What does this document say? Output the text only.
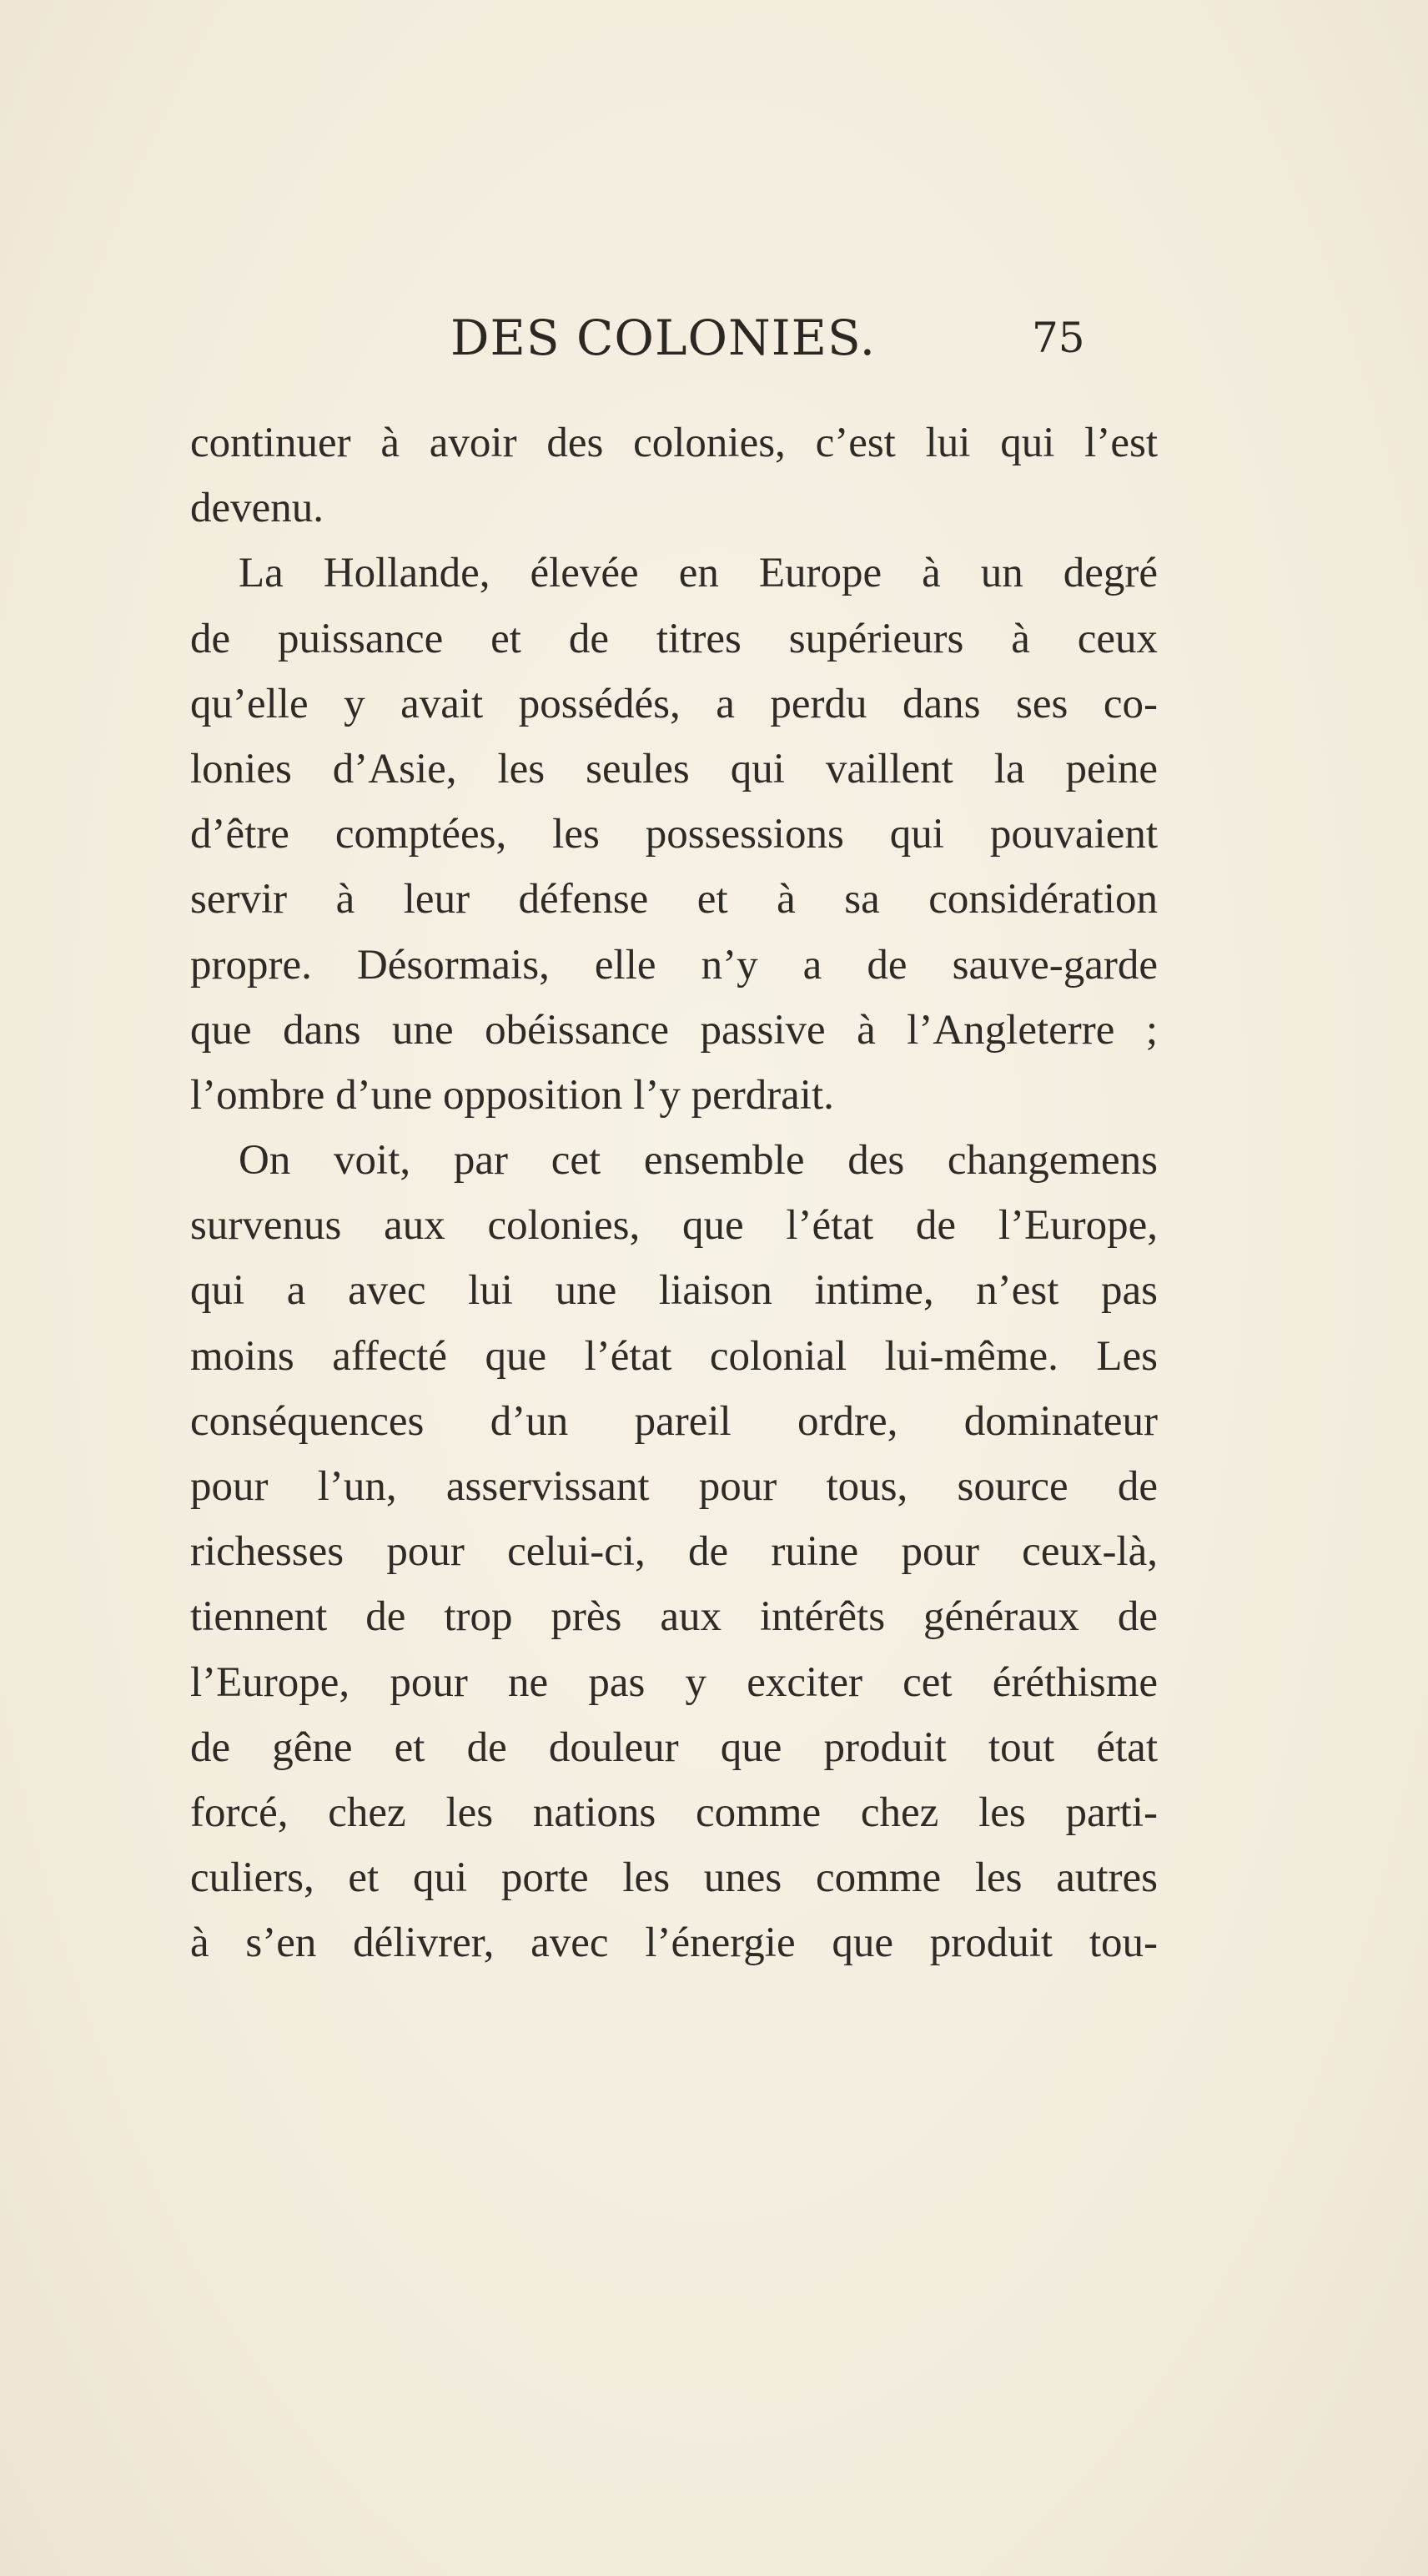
DES COLONIES.	75
continuer à avoir des colonies, c’est lui qui l’est
devenu.
La Hollande, élevée en Europe à un degré
de puissance et de titres supérieurs à ceux
qu’elle y avait possédés, a perdu dans ses co-
lonies d’Asie, les seules qui vaillent la peine
d’être comptées, les possessions qui pouvaient
servir à leur défense et à sa considération
propre. Désormais, elle n’y a de sauve-garde
que dans une obéissance passive à l’Angleterre ;
l’ombre d’une opposition l’y perdrait.
On voit, par cet ensemble des changemens
survenus aux colonies, que l’état de l’Europe,
qui a avec lui une liaison intime, n’est pas
moins affecté que l’état colonial lui-même. Les
conséquences d’un pareil ordre, dominateur
pour l’un, asservissant pour tous, source de
richesses pour celui-ci, de ruine pour ceux-là,
tiennent de trop près aux intérêts généraux de
l’Europe, pour ne pas y exciter cet éréthisme
de gêne et de douleur que produit tout état
forcé, chez les nations comme chez les parti-
culiers, et qui porte les unes comme les autres
à s’en délivrer, avec l’énergie que produit tou-
